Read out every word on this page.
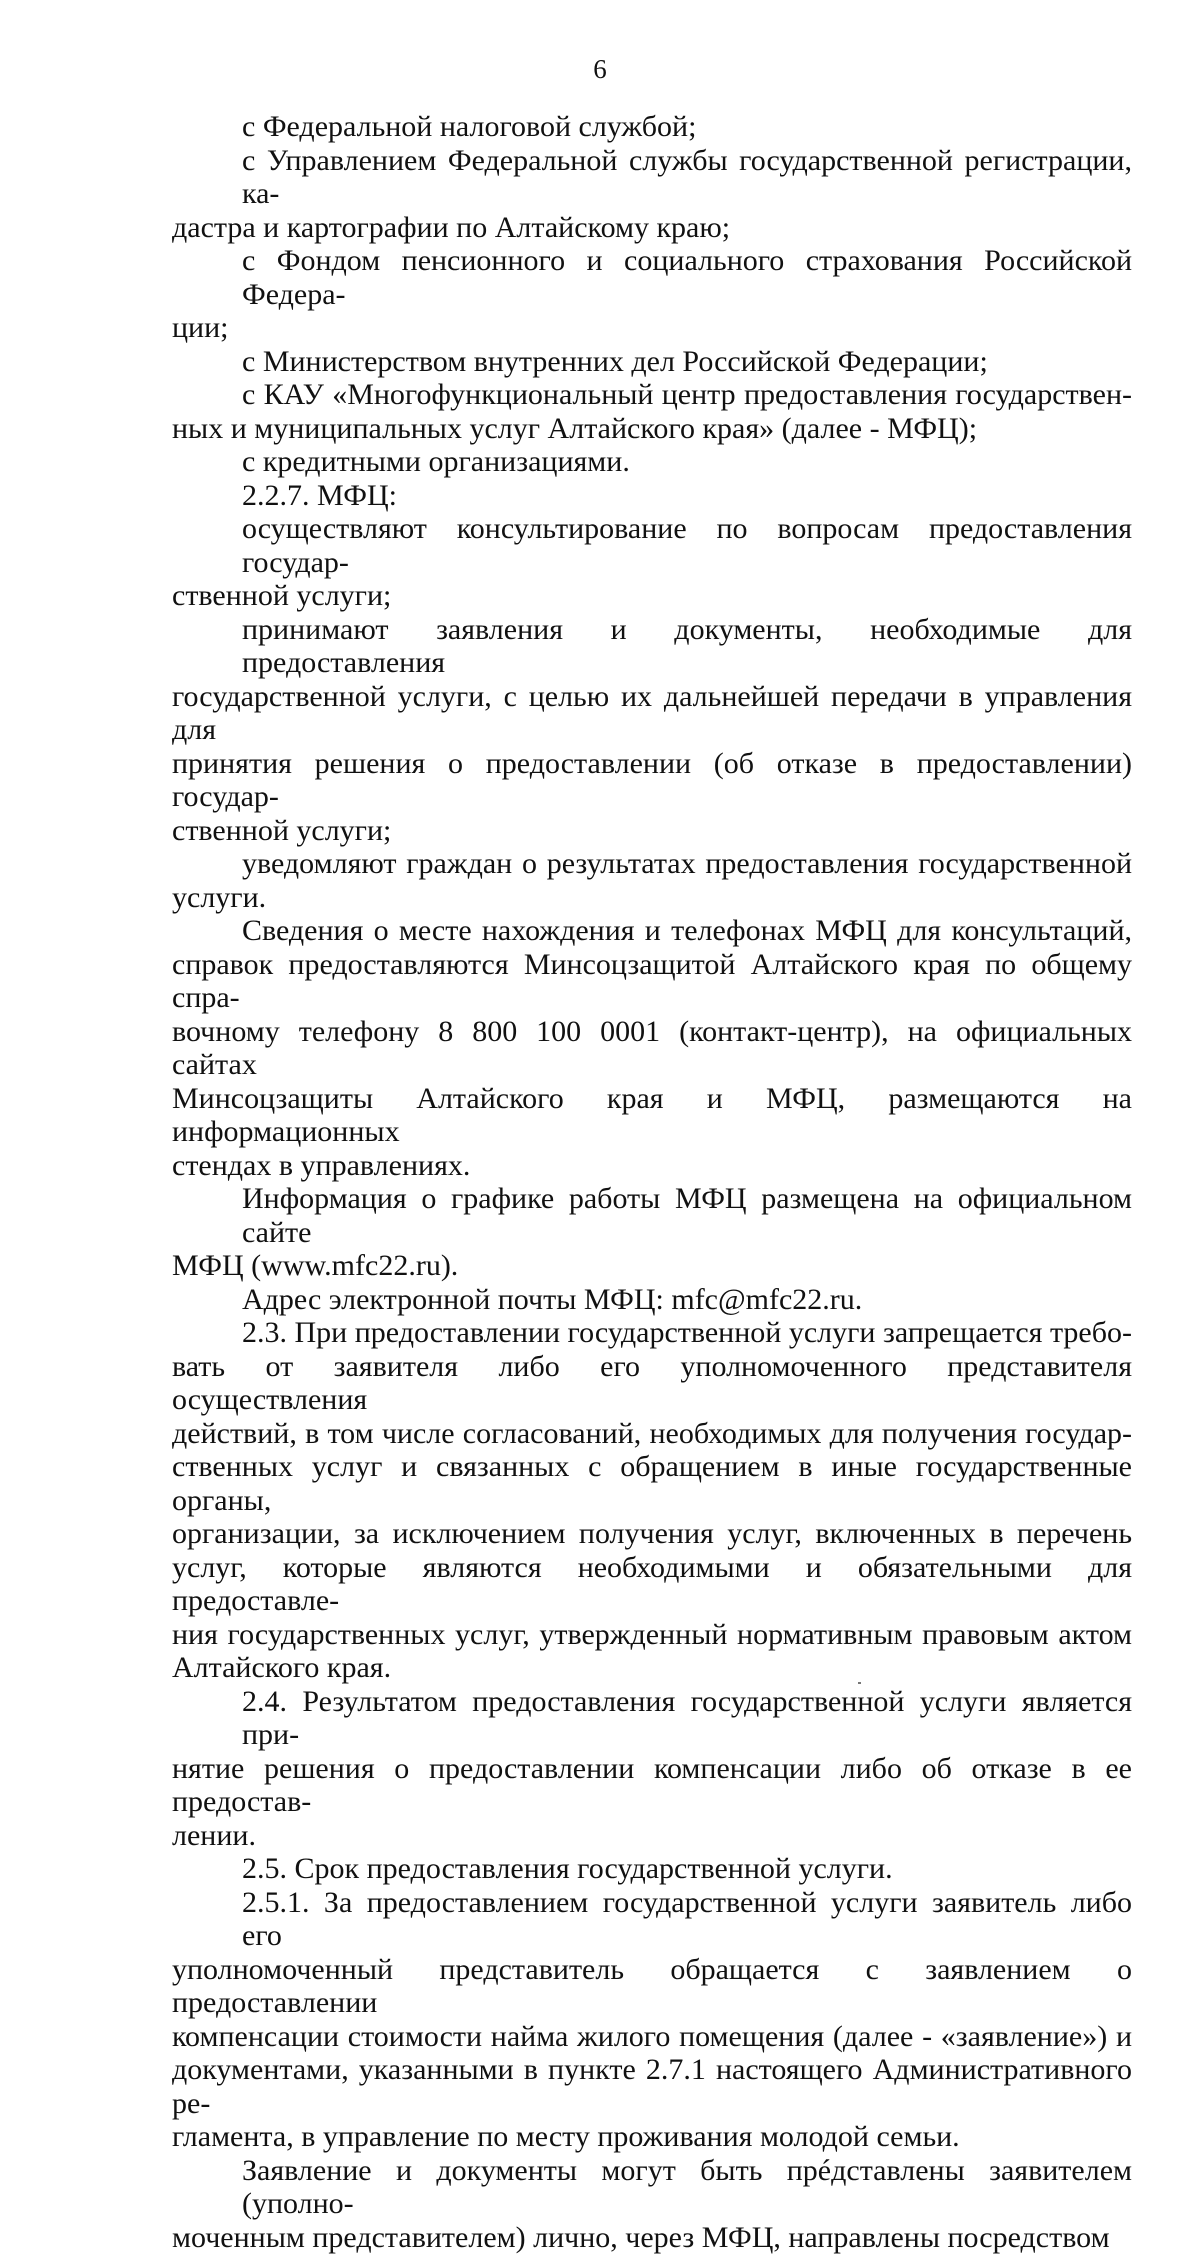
6
с Федеральной налоговой службой;
с Управлением Федеральной службы государственной регистрации, ка-
дастра и картографии по Алтайскому краю;
с Фондом пенсионного и социального страхования Российской Федера-
ции;
с Министерством внутренних дел Российской Федерации;
с КАУ «Многофункциональный центр предоставления государствен-
ных и муниципальных услуг Алтайского края» (далее - МФЦ);
с кредитными организациями.
2.2.7. МФЦ:
осуществляют консультирование по вопросам предоставления государ-
ственной услуги;
принимают заявления и документы, необходимые для предоставления
государственной услуги, с целью их дальнейшей передачи в управления для
принятия решения о предоставлении (об отказе в предоставлении) государ-
ственной услуги;
уведомляют граждан о результатах предоставления государственной
услуги.
Сведения о месте нахождения и телефонах МФЦ для консультаций,
справок предоставляются Минсоцзащитой Алтайского края по общему спра-
вочному телефону 8 800 100 0001 (контакт-центр), на официальных сайтах
Минсоцзащиты Алтайского края и МФЦ, размещаются на информационных
стендах в управлениях.
Информация о графике работы МФЦ размещена на официальном сайте
МФЦ (www.mfc22.ru).
Адрес электронной почты МФЦ: mfc@mfc22.ru.
2.3. При предоставлении государственной услуги запрещается требо-
вать от заявителя либо его уполномоченного представителя осуществления
действий, в том числе согласований, необходимых для получения государ-
ственных услуг и связанных с обращением в иные государственные органы,
организации, за исключением получения услуг, включенных в перечень
услуг, которые являются необходимыми и обязательными для предоставле-
ния государственных услуг, утвержденный нормативным правовым актом
Алтайского края.
2.4. Результатом предоставления государственной услуги является при-
нятие решения о предоставлении компенсации либо об отказе в ее предостав-
лении.
2.5. Срок предоставления государственной услуги.
2.5.1. За предоставлением государственной услуги заявитель либо его
уполномоченный представитель обращается с заявлением о предоставлении
компенсации стоимости найма жилого помещения (далее - «заявление») и
документами, указанными в пункте 2.7.1 настоящего Административного ре-
гламента, в управление по месту проживания молодой семьи.
Заявление и документы могут быть прéдставлены заявителем (уполно-
моченным представителем) лично, через МФЦ, направлены посредством
